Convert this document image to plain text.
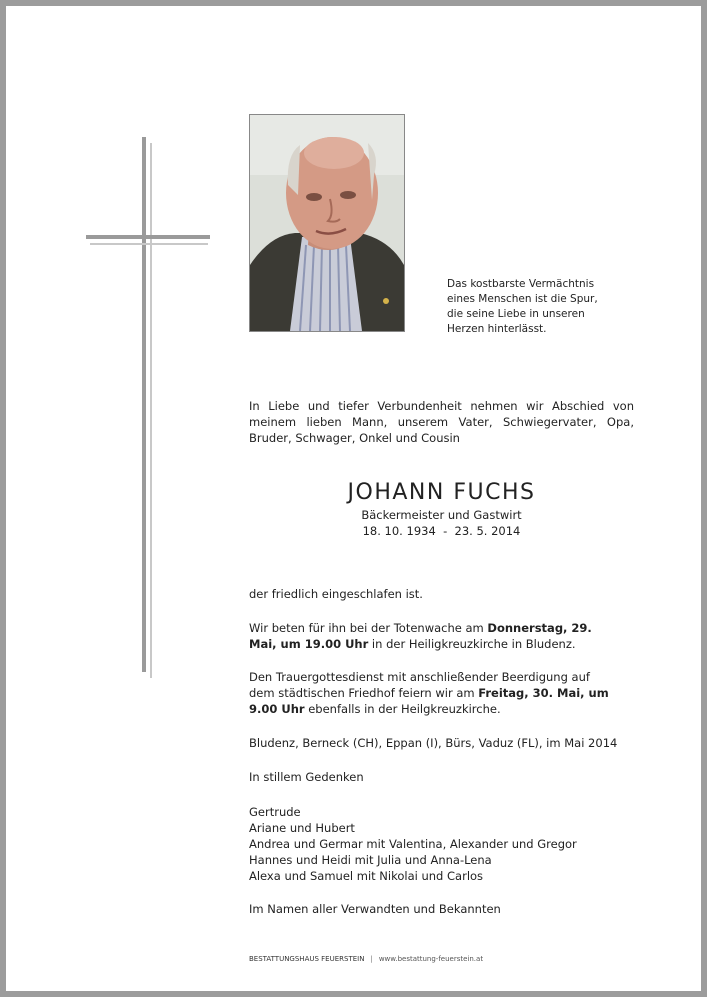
Das kostbarste Vermächtnis
eines Menschen ist die Spur,
die seine Liebe in unseren
Herzen hinterlässt.
In Liebe und tiefer Verbundenheit nehmen wir Abschied von meinem lieben Mann, unserem Vater, Schwiegervater, Opa, Bruder, Schwager, Onkel und Cousin
JOHANN FUCHS
Bäckermeister und Gastwirt
18. 10. 1934  -  23. 5. 2014
der friedlich eingeschlafen ist.
Wir beten für ihn bei der Totenwache am Donnerstag, 29. Mai, um 19.00 Uhr in der Heiligkreuzkirche in Bludenz.
Den Trauergottesdienst mit anschließender Beerdigung auf dem städtischen Friedhof feiern wir am Freitag, 30. Mai, um 9.00 Uhr ebenfalls in der Heilgkreuzkirche.
Bludenz, Berneck (CH), Eppan (I), Bürs, Vaduz (FL), im Mai 2014
In stillem Gedenken
Gertrude
Ariane und Hubert
Andrea und Germar mit Valentina, Alexander und Gregor
Hannes und Heidi mit Julia und Anna-Lena
Alexa und Samuel mit Nikolai und Carlos
Im Namen aller Verwandten und Bekannten
BESTATTUNGSHAUS FEUERSTEIN | www.bestattung-feuerstein.at
